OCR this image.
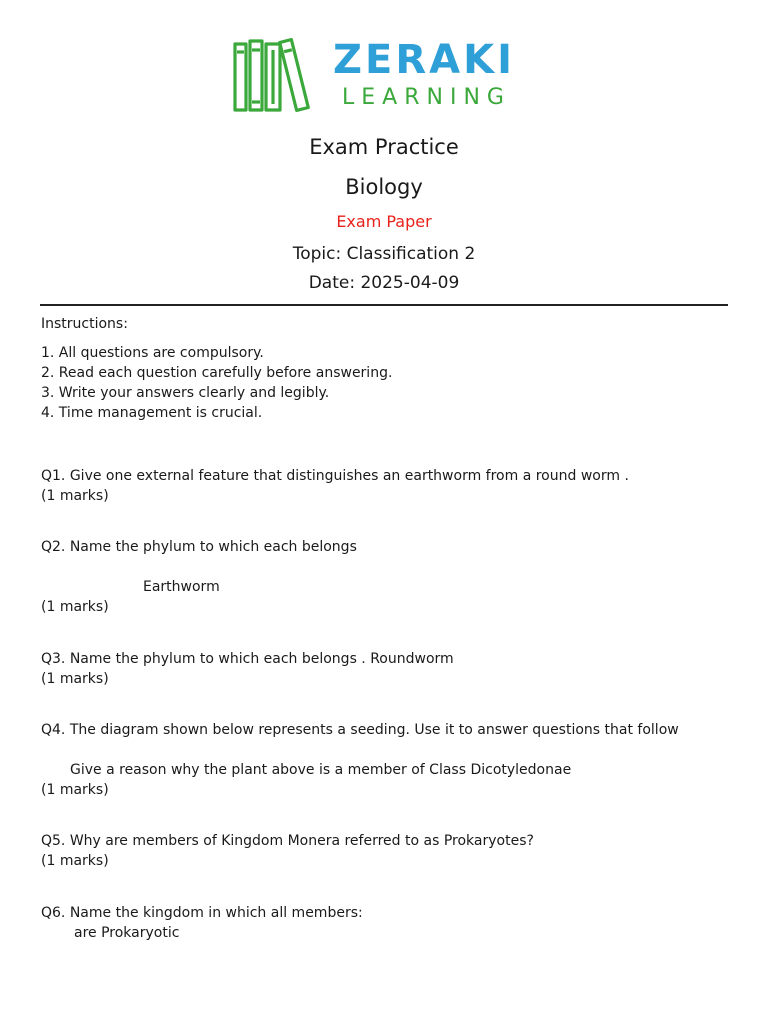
ZERAKI
LEARNING
Exam Practice
Biology
Exam Paper
Topic: Classification 2
Date: 2025-04-09
Instructions:
1. All questions are compulsory.
2. Read each question carefully before answering.
3. Write your answers clearly and legibly.
4. Time management is crucial.
Q1. Give one external feature that distinguishes an earthworm from a round worm .
(1 marks)
Q2. Name the phylum to which each belongs
Earthworm
(1 marks)
Q3. Name the phylum to which each belongs . Roundworm
(1 marks)
Q4. The diagram shown below represents a seeding. Use it to answer questions that follow
Give a reason why the plant above is a member of Class Dicotyledonae
(1 marks)
Q5. Why are members of Kingdom Monera referred to as Prokaryotes?
(1 marks)
Q6. Name the kingdom in which all members:
are Prokaryotic
